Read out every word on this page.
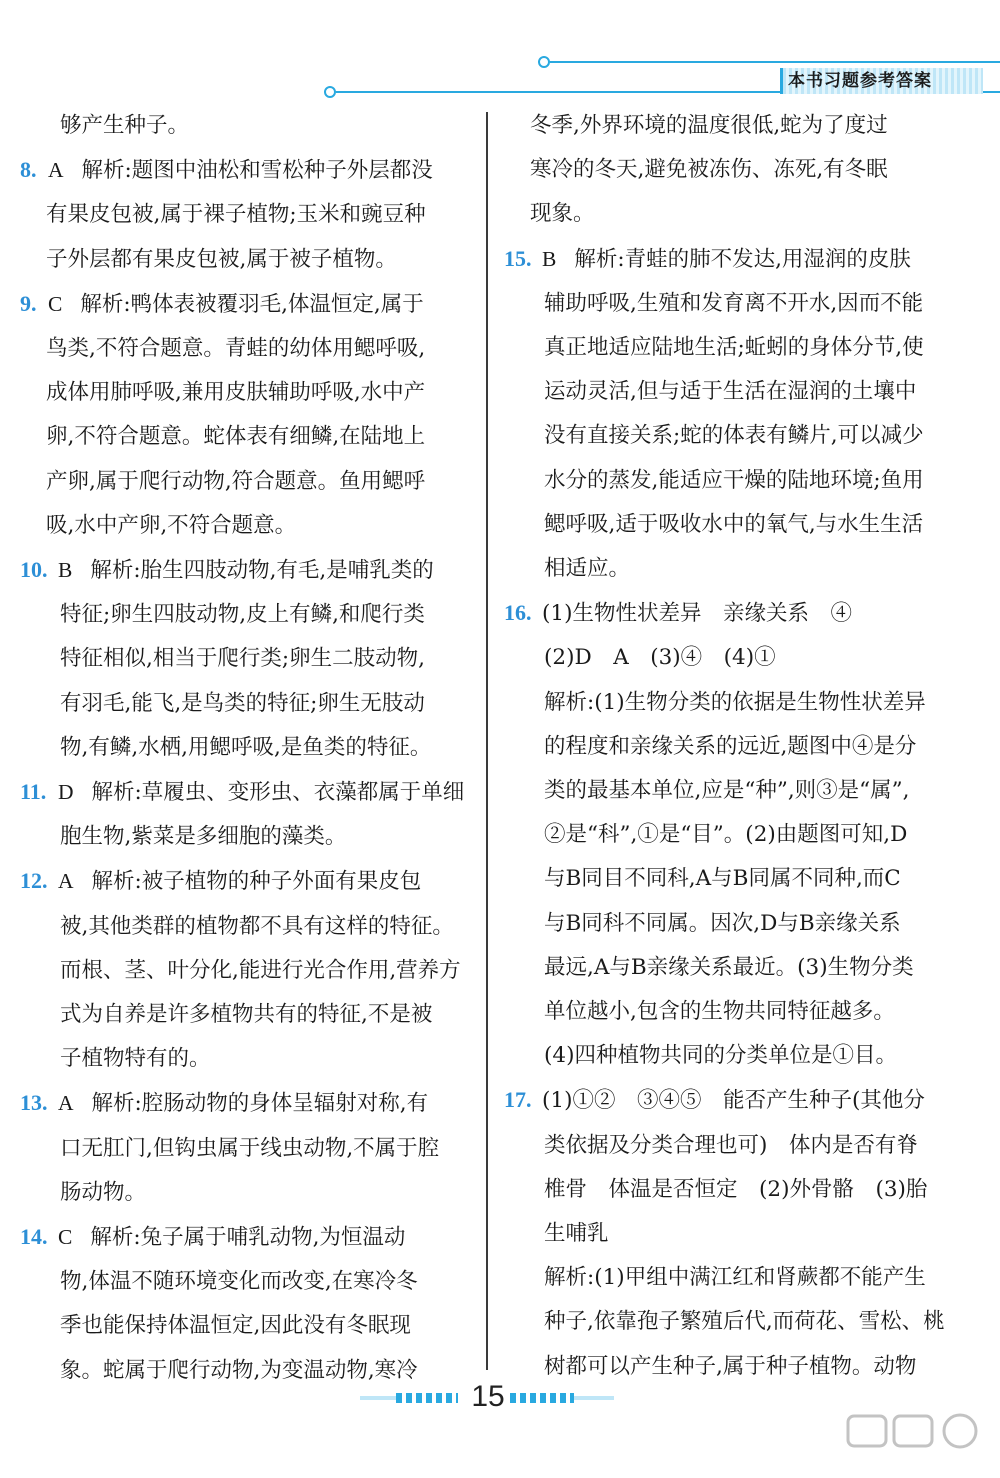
本书习题参考答案
够产生种子。
8. A 解析:题图中油松和雪松种子外层都没
有果皮包被,属于裸子植物;玉米和豌豆种
子外层都有果皮包被,属于被子植物。
9. C 解析:鸭体表被覆羽毛,体温恒定,属于
鸟类,不符合题意。青蛙的幼体用鳃呼吸,
成体用肺呼吸,兼用皮肤辅助呼吸,水中产
卵,不符合题意。蛇体表有细鳞,在陆地上
产卵,属于爬行动物,符合题意。鱼用鳃呼
吸,水中产卵,不符合题意。
10. B 解析:胎生四肢动物,有毛,是哺乳类的
特征;卵生四肢动物,皮上有鳞,和爬行类
特征相似,相当于爬行类;卵生二肢动物,
有羽毛,能飞,是鸟类的特征;卵生无肢动
物,有鳞,水栖,用鳃呼吸,是鱼类的特征。
11. D 解析:草履虫、变形虫、衣藻都属于单细
胞生物,紫菜是多细胞的藻类。
12. A 解析:被子植物的种子外面有果皮包
被,其他类群的植物都不具有这样的特征。
而根、茎、叶分化,能进行光合作用,营养方
式为自养是许多植物共有的特征,不是被
子植物特有的。
13. A 解析:腔肠动物的身体呈辐射对称,有
口无肛门,但钩虫属于线虫动物,不属于腔
肠动物。
14. C 解析:兔子属于哺乳动物,为恒温动
物,体温不随环境变化而改变,在寒冷冬
季也能保持体温恒定,因此没有冬眠现
象。蛇属于爬行动物,为变温动物,寒冷
冬季,外界环境的温度很低,蛇为了度过
寒冷的冬天,避免被冻伤、冻死,有冬眠
现象。
15. B 解析:青蛙的肺不发达,用湿润的皮肤
辅助呼吸,生殖和发育离不开水,因而不能
真正地适应陆地生活;蚯蚓的身体分节,使
运动灵活,但与适于生活在湿润的土壤中
没有直接关系;蛇的体表有鳞片,可以减少
水分的蒸发,能适应干燥的陆地环境;鱼用
鳃呼吸,适于吸收水中的氧气,与水生生活
相适应。
16. (1)生物性状差异　亲缘关系　④
(2)D　A　(3)④　(4)①
解析:(1)生物分类的依据是生物性状差异
的程度和亲缘关系的远近,题图中④是分
类的最基本单位,应是“种”,则③是“属”,
②是“科”,①是“目”。(2)由题图可知,D
与B同目不同科,A与B同属不同种,而C
与B同科不同属。因次,D与B亲缘关系
最远,A与B亲缘关系最近。(3)生物分类
单位越小,包含的生物共同特征越多。
(4)四种植物共同的分类单位是①目。
17. (1)①②　③④⑤　能否产生种子(其他分
类依据及分类合理也可)　体内是否有脊
椎骨　体温是否恒定　(2)外骨骼　(3)胎
生哺乳
解析:(1)甲组中满江红和肾蕨都不能产生
种子,依靠孢子繁殖后代,而荷花、雪松、桃
树都可以产生种子,属于种子植物。动物
15
